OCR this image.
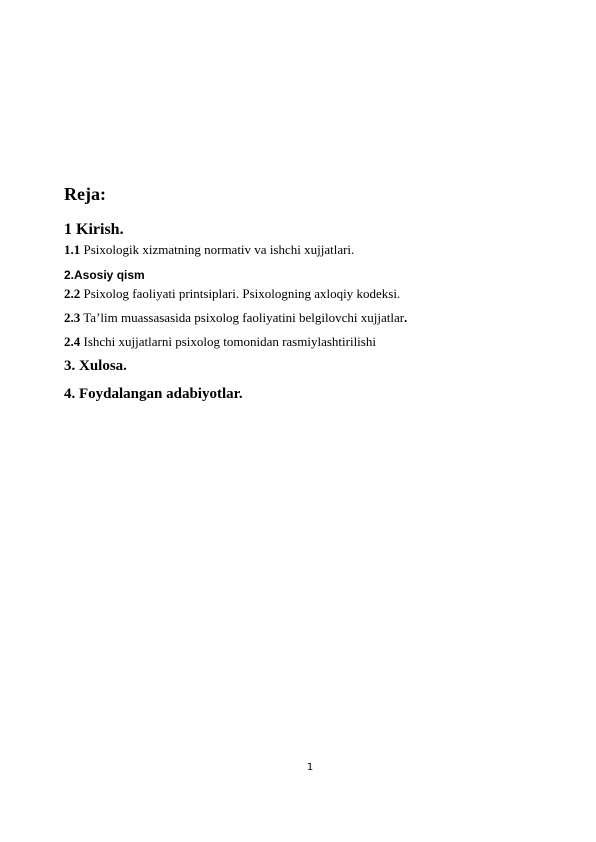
Reja:

1 Kirish.

1.1 Psixologik xizmatning normativ va ishchi xujjatlari.

2.Asosiy qism

2.2 Psixolog faoliyati printsiplari. Psixologning axloqiy kodeksi.

2.3 Ta’lim muassasasida psixolog faoliyatini belgilovchi xujjatlar.

2.4 Ishchi xujjatlarni psixolog tomonidan rasmiylashtirilishi

3. Xulosa.

4. Foydalangan adabiyotlar.

1
